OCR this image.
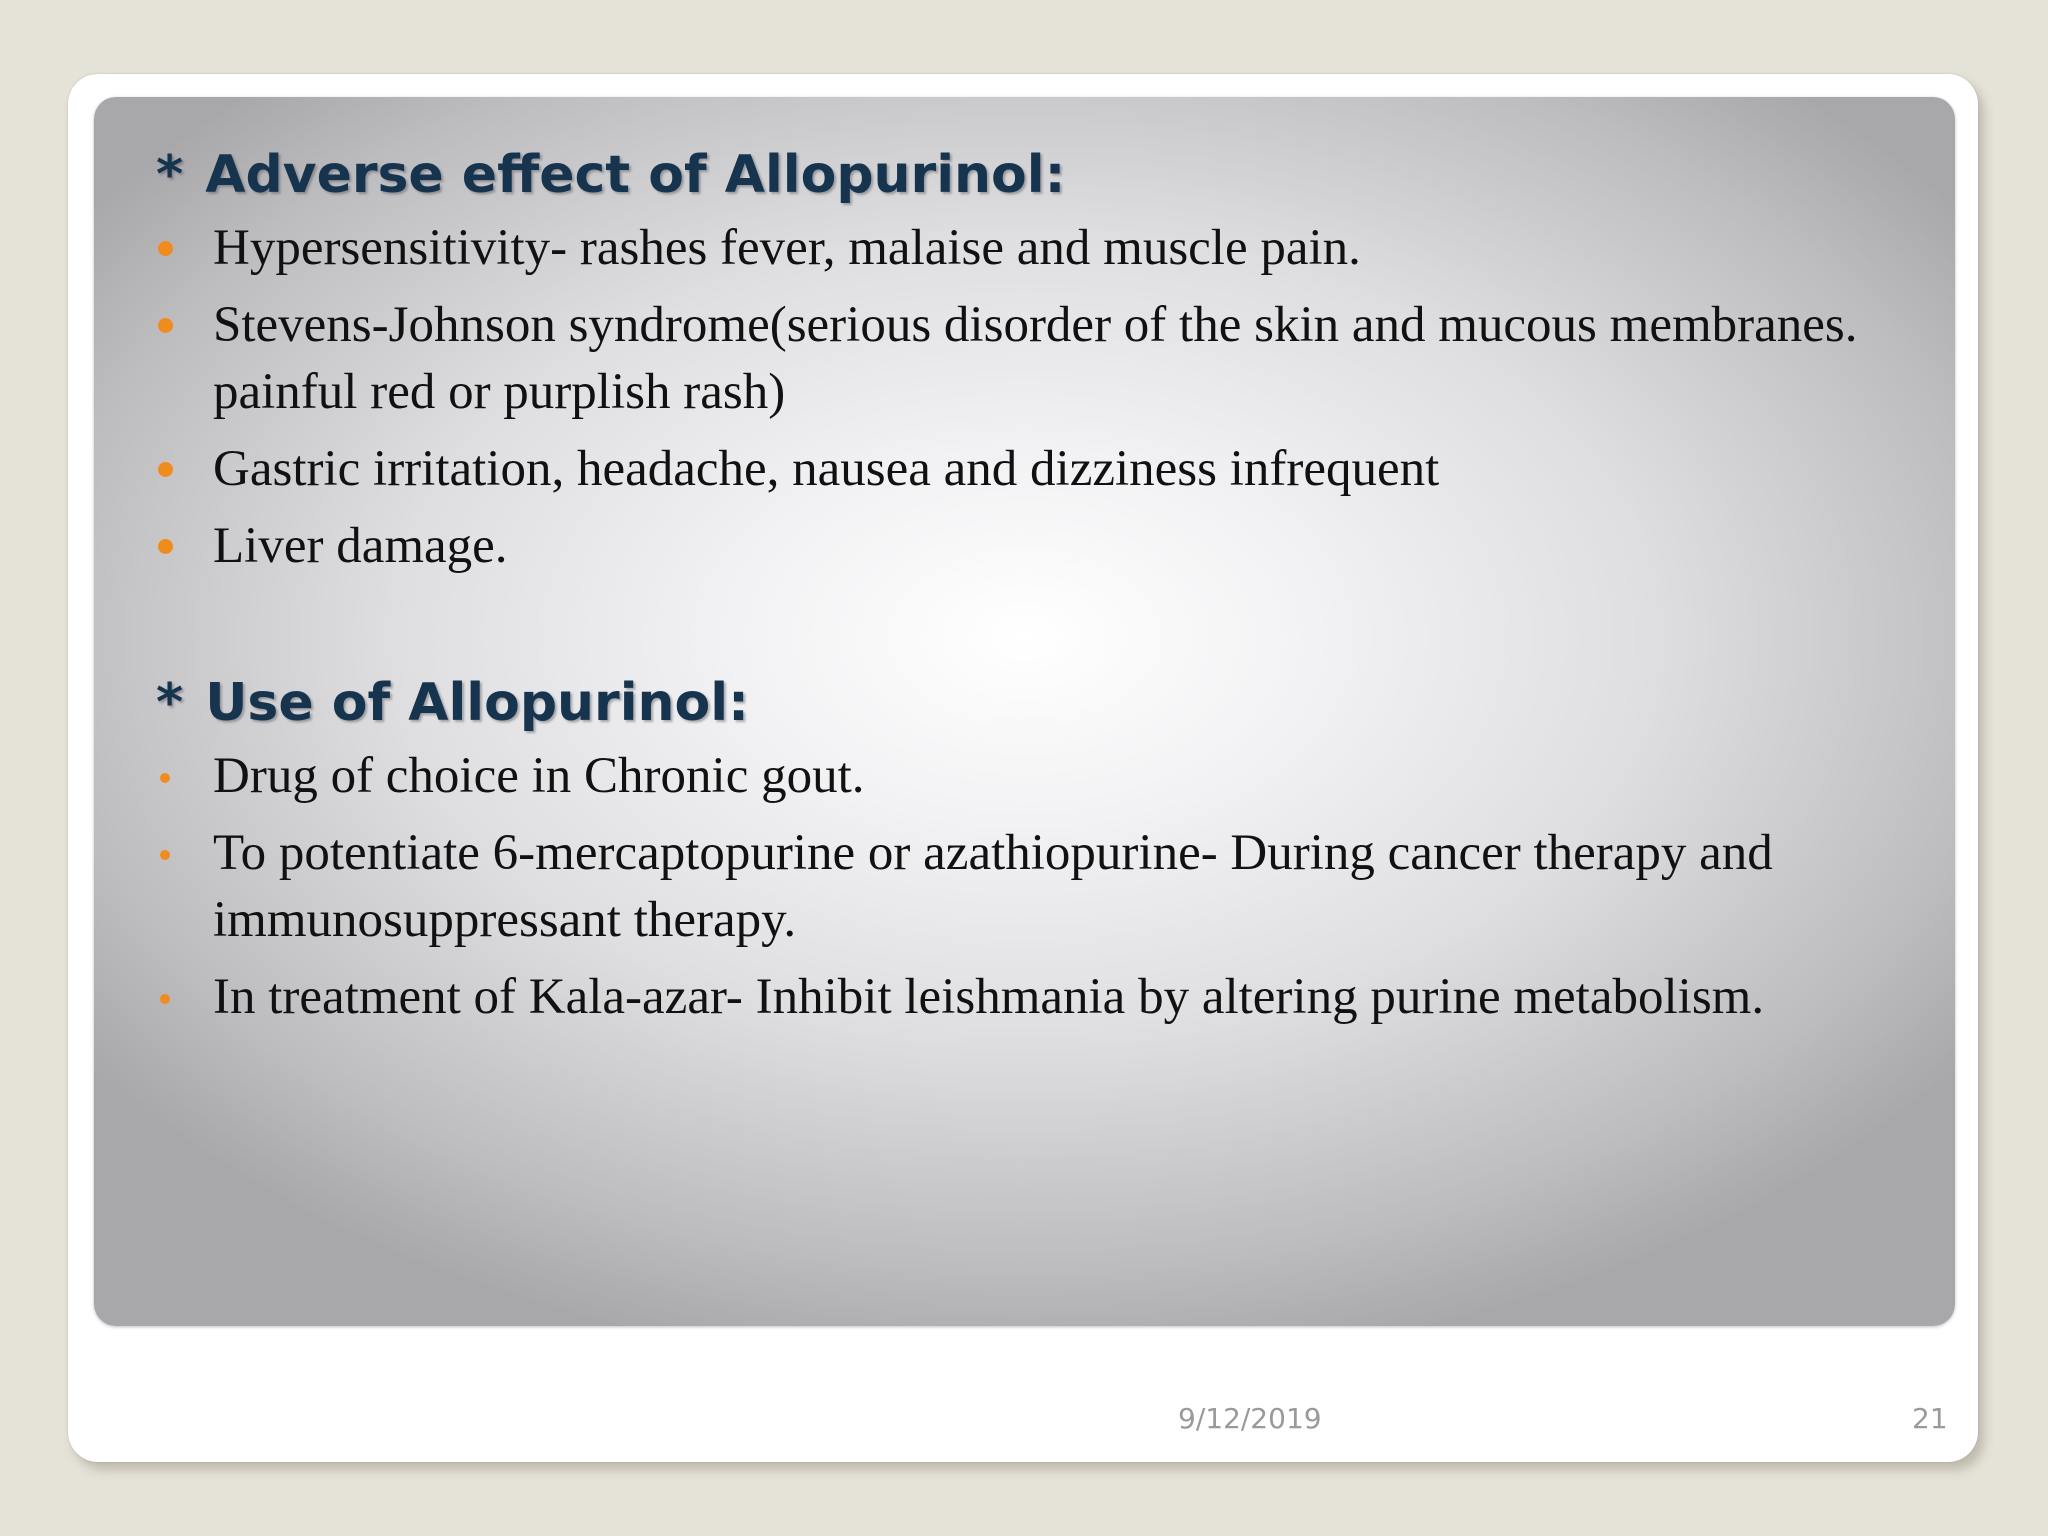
* Adverse effect of Allopurinol:
Hypersensitivity- rashes fever, malaise and muscle pain.
Stevens-Johnson syndrome(serious disorder of the skin and mucous membranes. painful red or purplish rash)
Gastric irritation, headache, nausea and dizziness infrequent
Liver damage.
* Use of Allopurinol:
Drug of choice in Chronic gout.
To potentiate 6-mercaptopurine or azathiopurine- During cancer therapy and immunosuppressant therapy.
In treatment of Kala-azar- Inhibit leishmania by altering purine metabolism.
9/12/2019	21
